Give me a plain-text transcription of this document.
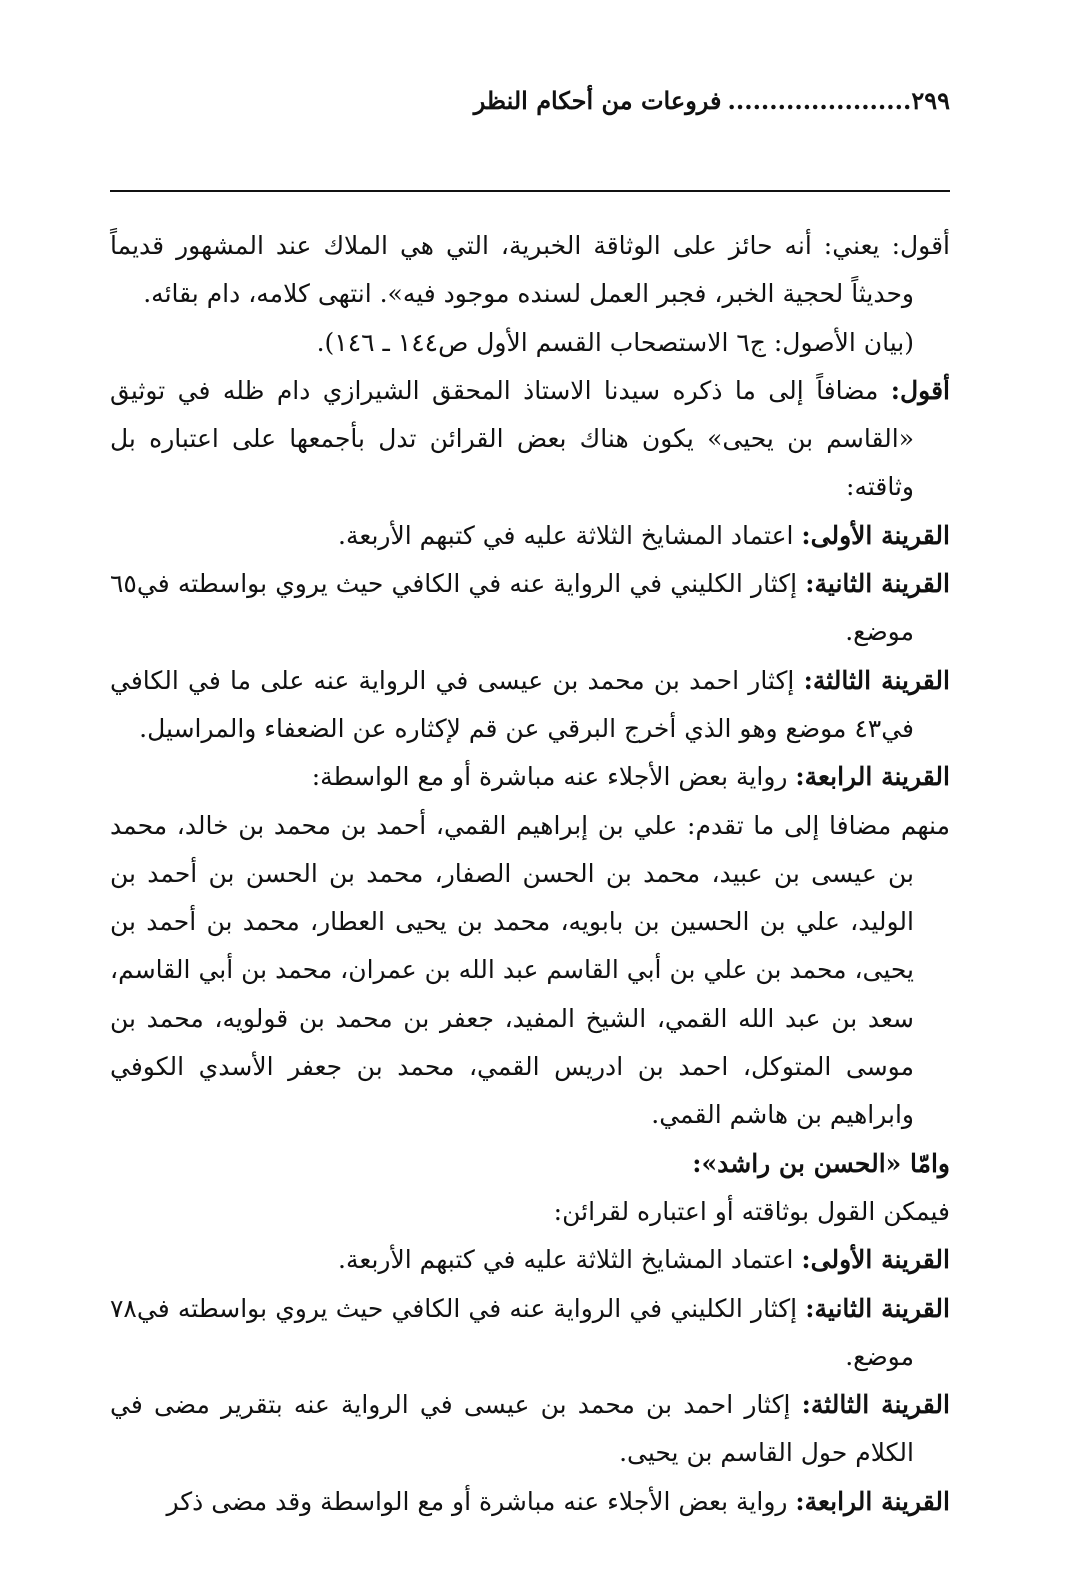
٢٩٩
......................
فروعات من أحكام النظر

أقول: يعني: أنه حائز على الوثاقة الخبرية، التي هي الملاك عند المشهور قديماً وحديثاً لحجية الخبر، فجبر العمل لسنده موجود فيه». انتهى كلامه، دام بقائه.

(بيان الأصول: ج٦ الاستصحاب القسم الأول ص١٤٤ ـ ١٤٦).

أقول: مضافاً إلى ما ذكره سيدنا الاستاذ المحقق الشيرازي دام ظله في توثيق «القاسم بن يحيى» يكون هناك بعض القرائن تدل بأجمعها على اعتباره بل وثاقته:

القرينة الأولى: اعتماد المشايخ الثلاثة عليه في كتبهم الأربعة.

القرينة الثانية: إكثار الكليني في الرواية عنه في الكافي حيث يروي بواسطته في٦٥ موضع.

القرينة الثالثة: إكثار احمد بن محمد بن عيسى في الرواية عنه على ما في الكافي في٤٣ موضع وهو الذي أخرج البرقي عن قم لإكثاره عن الضعفاء والمراسيل.

القرينة الرابعة: رواية بعض الأجلاء عنه مباشرة أو مع الواسطة:

منهم مضافا إلى ما تقدم: علي بن إبراهيم القمي، أحمد بن محمد بن خالد، محمد بن عيسى بن عبيد، محمد بن الحسن الصفار، محمد بن الحسن بن أحمد بن الوليد، علي بن الحسين بن بابويه، محمد بن يحيى العطار، محمد بن أحمد بن يحيى، محمد بن علي بن أبي القاسم عبد الله بن عمران، محمد بن أبي القاسم، سعد بن عبد الله القمي، الشيخ المفيد، جعفر بن محمد بن قولويه، محمد بن موسى المتوكل، احمد بن ادريس القمي، محمد بن جعفر الأسدي الكوفي وابراهيم بن هاشم القمي.

وامّا «الحسن بن راشد»:

فيمكن القول بوثاقته أو اعتباره لقرائن:

القرينة الأولى: اعتماد المشايخ الثلاثة عليه في كتبهم الأربعة.

القرينة الثانية: إكثار الكليني في الرواية عنه في الكافي حيث يروي بواسطته في٧٨ موضع.

القرينة الثالثة: إكثار احمد بن محمد بن عيسى في الرواية عنه بتقرير مضى في الكلام حول القاسم بن يحيى.

القرينة الرابعة: رواية بعض الأجلاء عنه مباشرة أو مع الواسطة وقد مضى ذكر
